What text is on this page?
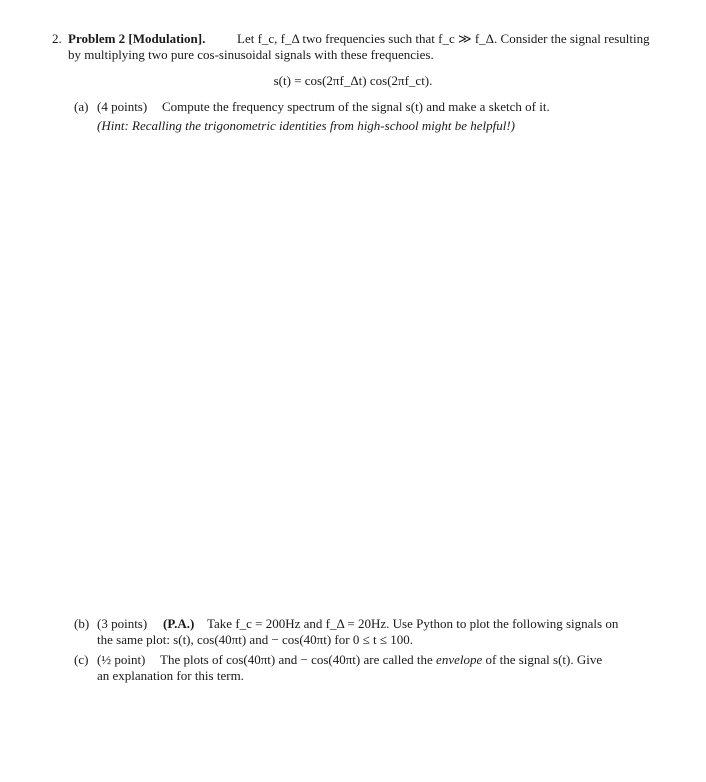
2. Problem 2 [Modulation]. Let f_c, f_Δ two frequencies such that f_c ≫ f_Δ. Consider the signal resulting
by multiplying two pure cos-sinusoidal signals with these frequencies.
s(t) = cos(2πf_Δt) cos(2πf_ct).
(a) (4 points) Compute the frequency spectrum of the signal s(t) and make a sketch of it.
(Hint: Recalling the trigonometric identities from high-school might be helpful!)
(b) (3 points) (P.A.) Take f_c = 200Hz and f_Δ = 20Hz. Use Python to plot the following signals on
the same plot: s(t), cos(40πt) and − cos(40πt) for 0 ≤ t ≤ 100.
(c) (½ point) The plots of cos(40πt) and − cos(40πt) are called the envelope of the signal s(t). Give
an explanation for this term.
